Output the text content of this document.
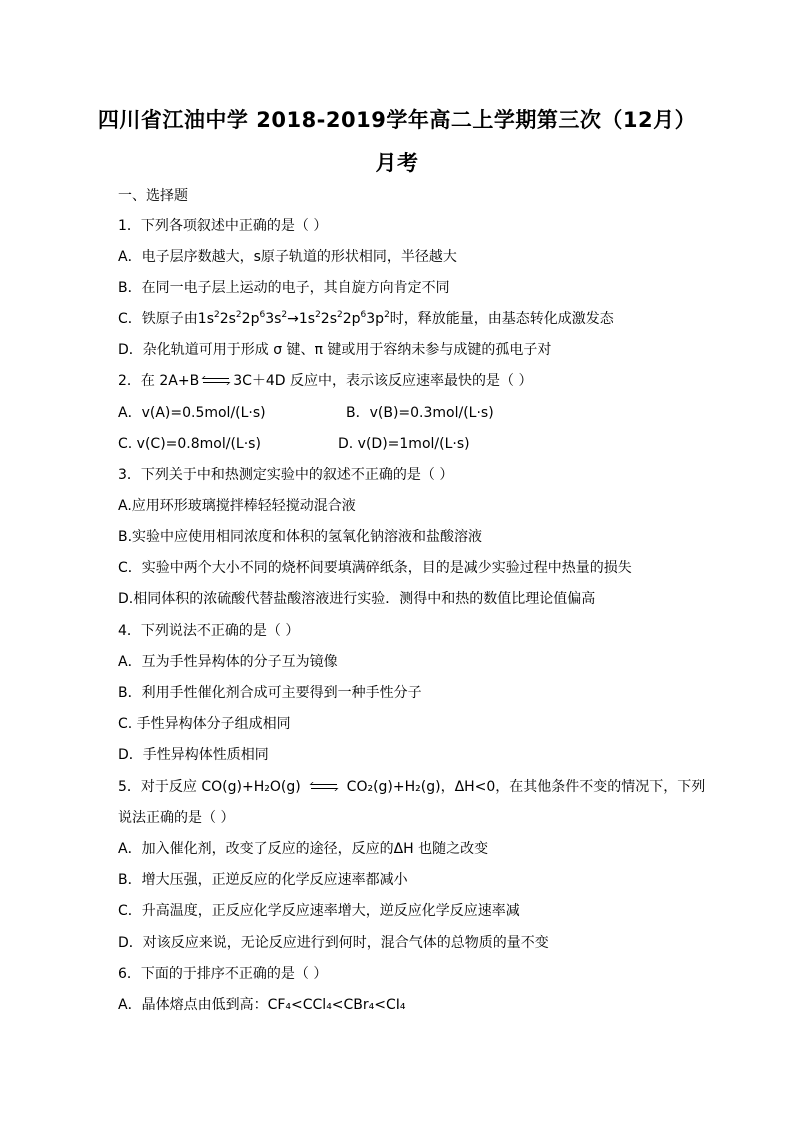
四川省江油中学 2018-2019学年高二上学期第三次（12月）
月考
一、选择题
1．下列各项叙述中正确的是（ ）
A．电子层序数越大，s原子轨道的形状相同，半径越大
B．在同一电子层上运动的电子，其自旋方向肯定不同
C．铁原子由$1s^22s^22p^63s^2\to 1s^22s^22p^63p^2$时，释放能量，由基态转化成激发态
D．杂化轨道可用于形成 σ 键、π 键或用于容纳未参与成键的孤电子对
2．在 2A+B 3C＋4D 反应中，表示该反应速率最快的是（ ）
A．v(A)=0.5mol/(L·s)	B．v(B)=0.3mol/(L·s)
C. v(C)=0.8mol/(L·s)	D. v(D)=1mol/(L·s)
3．下列关于中和热测定实验中的叙述不正确的是（ ）
A.应用环形玻璃搅拌棒轻轻搅动混合液
B.实验中应使用相同浓度和体积的氢氧化钠溶液和盐酸溶液
C．实验中两个大小不同的烧杯间要填满碎纸条，目的是减少实验过程中热量的损失
D.相同体积的浓硫酸代替盐酸溶液进行实验．测得中和热的数值比理论值偏高
4．下列说法不正确的是（ ）
A．互为手性异构体的分子互为镜像
B．利用手性催化剂合成可主要得到一种手性分子
C. 手性异构体分子组成相同
D．手性异构体性质相同
5．对于反应 CO(g)+H₂O(g)	CO₂(g)+H₂(g)，ΔH<0，在其他条件不变的情况下，下列
说法正确的是（ ）
A．加入催化剂，改变了反应的途径，反应的ΔH 也随之改变
B．增大压强，正逆反应的化学反应速率都减小
C．升高温度，正反应化学反应速率增大，逆反应化学反应速率减
D．对该反应来说，无论反应进行到何时，混合气体的总物质的量不变
6．下面的于排序不正确的是（ ）
A．晶体熔点由低到高：CF₄<CCl₄<CBr₄<CI₄
